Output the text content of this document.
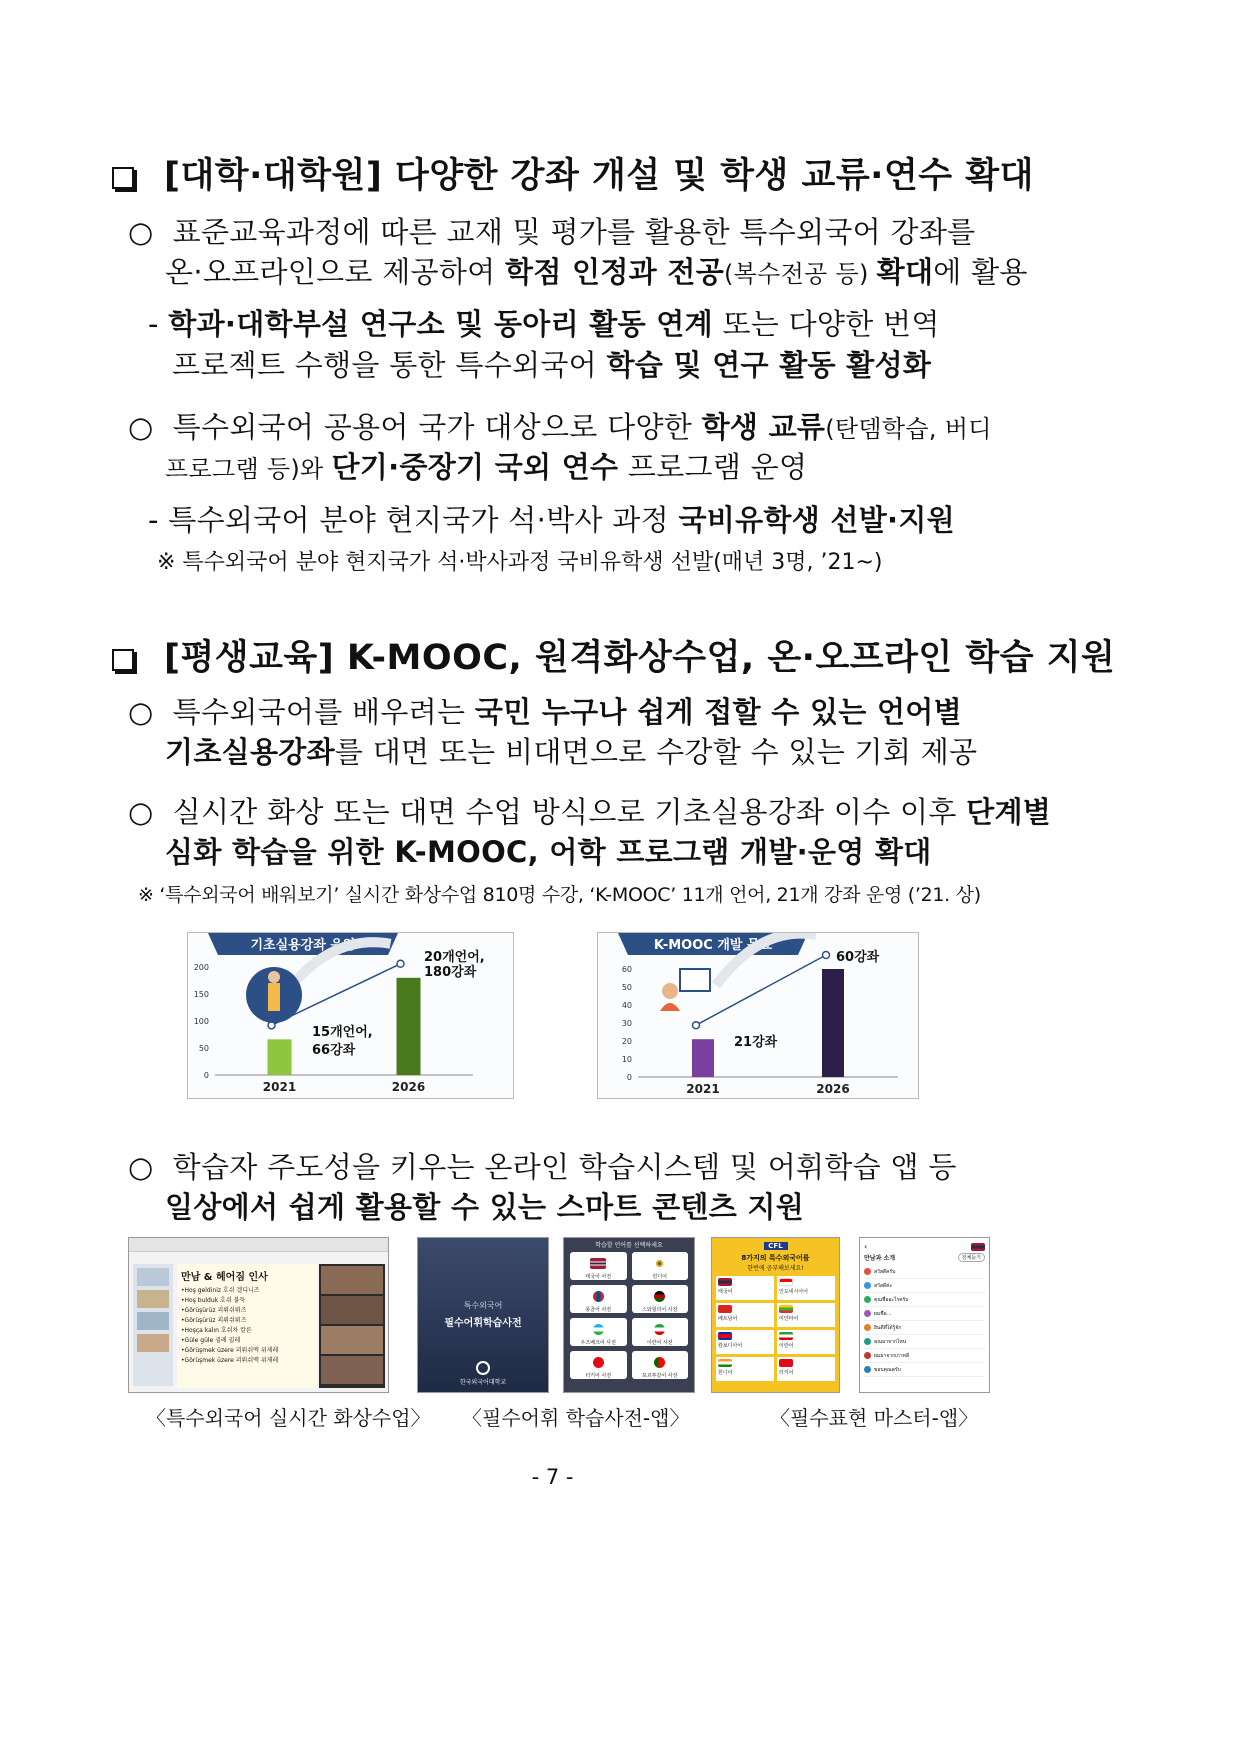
[대학·대학원] 다양한 강좌 개설 및 학생 교류·연수 확대
○ 표준교육과정에 따른 교재 및 평가를 활용한 특수외국어 강좌를
온·오프라인으로 제공하여 학점 인정과 전공(복수전공 등) 확대에 활용
- 학과·대학부설 연구소 및 동아리 활동 연계 또는 다양한 번역
프로젝트 수행을 통한 특수외국어 학습 및 연구 활동 활성화
○ 특수외국어 공용어 국가 대상으로 다양한 학생 교류(탄뎀학습, 버디
프로그램 등)와 단기·중장기 국외 연수 프로그램 운영
- 특수외국어 분야 현지국가 석·박사 과정 국비유학생 선발·지원
※ 특수외국어 분야 현지국가 석·박사과정 국비유학생 선발(매년 3명, ’21~)
[평생교육] K-MOOC, 원격화상수업, 온·오프라인 학습 지원
○ 특수외국어를 배우려는 국민 누구나 쉽게 접할 수 있는 언어별
기초실용강좌를 대면 또는 비대면으로 수강할 수 있는 기회 제공
○ 실시간 화상 또는 대면 수업 방식으로 기초실용강좌 이수 이후 단계별
심화 학습을 위한 K-MOOC, 어학 프로그램 개발·운영 확대
※ ‘특수외국어 배워보기’ 실시간 화상수업 810명 수강, ‘K-MOOC’ 11개 언어, 21개 강좌 운영 (’21. 상)
기초실용강좌 운영
0
50
100
150
200
2021	2026
15개언어,
66강좌
20개언어,
180강좌
K-MOOC 개발 목표
0
10
20
30
40
50
60
2021	2026
21강좌
60강좌
○ 학습자 주도성을 키우는 온라인 학습시스템 및 어휘학습 앱 등
일상에서 쉽게 활용할 수 있는 스마트 콘텐츠 지원
만남 & 헤어짐 인사
•Hoş geldiniz 호쉬 겔디니즈
•Hoş bulduk 호쉬 불둑
•Görüşürüz 괴뤼쉬뤼즈
•Görüşürüz 괴뤼쉬뤼즈
•Hoşça kalın 호쉬차 칼른
•Güle güle 귈레 귈레
•Görüşmek üzere 괴뤼쉬멕 위제레
•Görüşmek üzere 괴뤼쉬멕 위제레
특수외국어
필수어휘학습사전
한국외국어대학교
학습할 언어를 선택하세요
태국어 사전	힌디어
몽골어 사전	스와힐리어 사전
우즈베크어 사전	이란어 사전
터키어 사전	포르투갈어 사전
CFL
8가지의 특수외국어를
한번에 공부해보세요!
태국어	인도네시아어
베트남어	미얀마어
캄보디아어	이란어
힌디어	터키어
‹
만남과 소개	전체듣기
สวัสดีครับ
สวัสดีค่ะ
คุณชื่ออะไรครับ
ผมชื่อ...
ยินดีที่ได้รู้จัก
คุณมาจากไหน
ผมมาจากเกาหลี
ขอบคุณครับ
〈특수외국어 실시간 화상수업〉 〈필수어휘 학습사전-앱〉	〈필수표현 마스터-앱〉
- 7 -
